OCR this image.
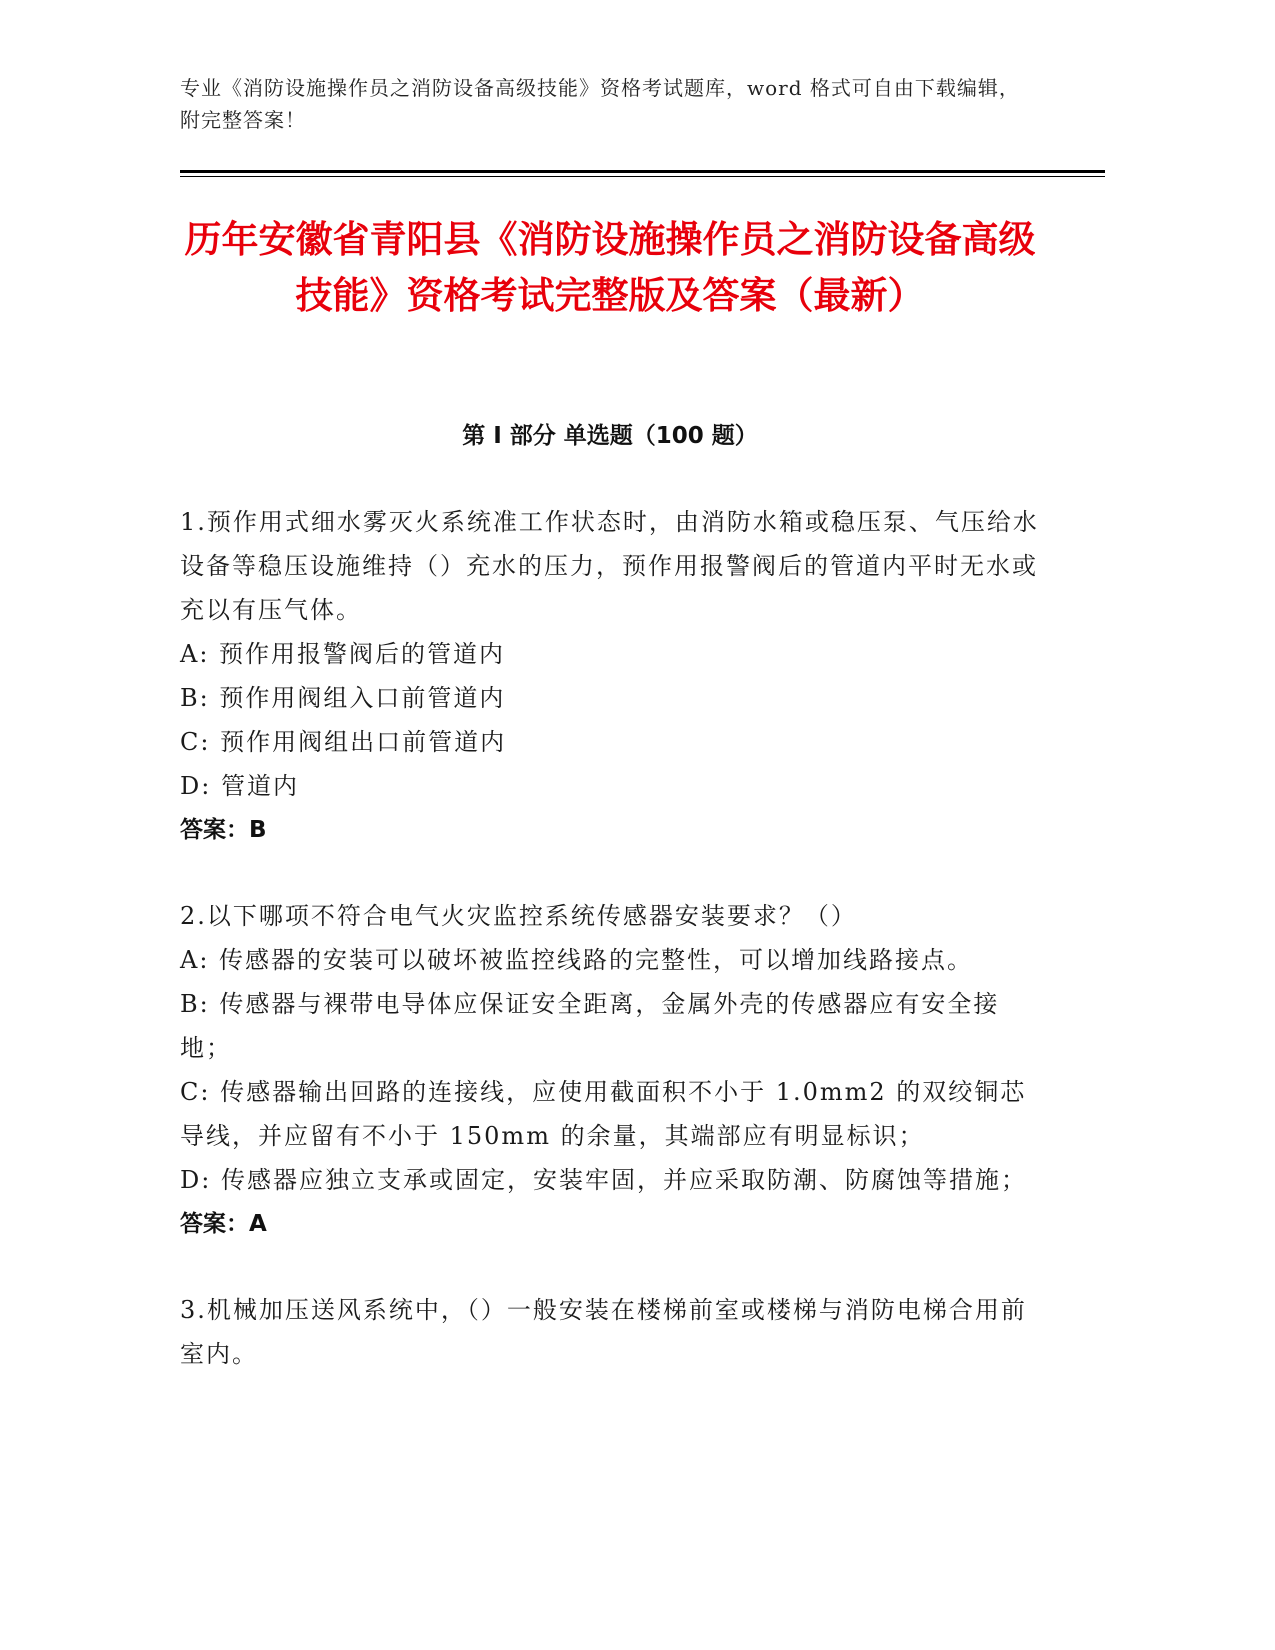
专业《消防设施操作员之消防设备高级技能》资格考试题库，word 格式可自由下载编辑，附完整答案！
历年安徽省青阳县《消防设施操作员之消防设备高级技能》资格考试完整版及答案（最新）
第 I 部分 单选题（100 题）
1.预作用式细水雾灭火系统准工作状态时，由消防水箱或稳压泵、气压给水设备等稳压设施维持（）充水的压力，预作用报警阀后的管道内平时无水或充以有压气体。
A: 预作用报警阀后的管道内
B: 预作用阀组入口前管道内
C: 预作用阀组出口前管道内
D: 管道内
答案：B
2.以下哪项不符合电气火灾监控系统传感器安装要求？（）
A: 传感器的安装可以破坏被监控线路的完整性，可以增加线路接点。
B: 传感器与裸带电导体应保证安全距离，金属外壳的传感器应有安全接地；
C: 传感器输出回路的连接线，应使用截面积不小于 1.0mm2 的双绞铜芯导线，并应留有不小于 150mm 的余量，其端部应有明显标识；
D: 传感器应独立支承或固定，安装牢固，并应采取防潮、防腐蚀等措施；
答案：A
3.机械加压送风系统中，（）一般安装在楼梯前室或楼梯与消防电梯合用前室内。
